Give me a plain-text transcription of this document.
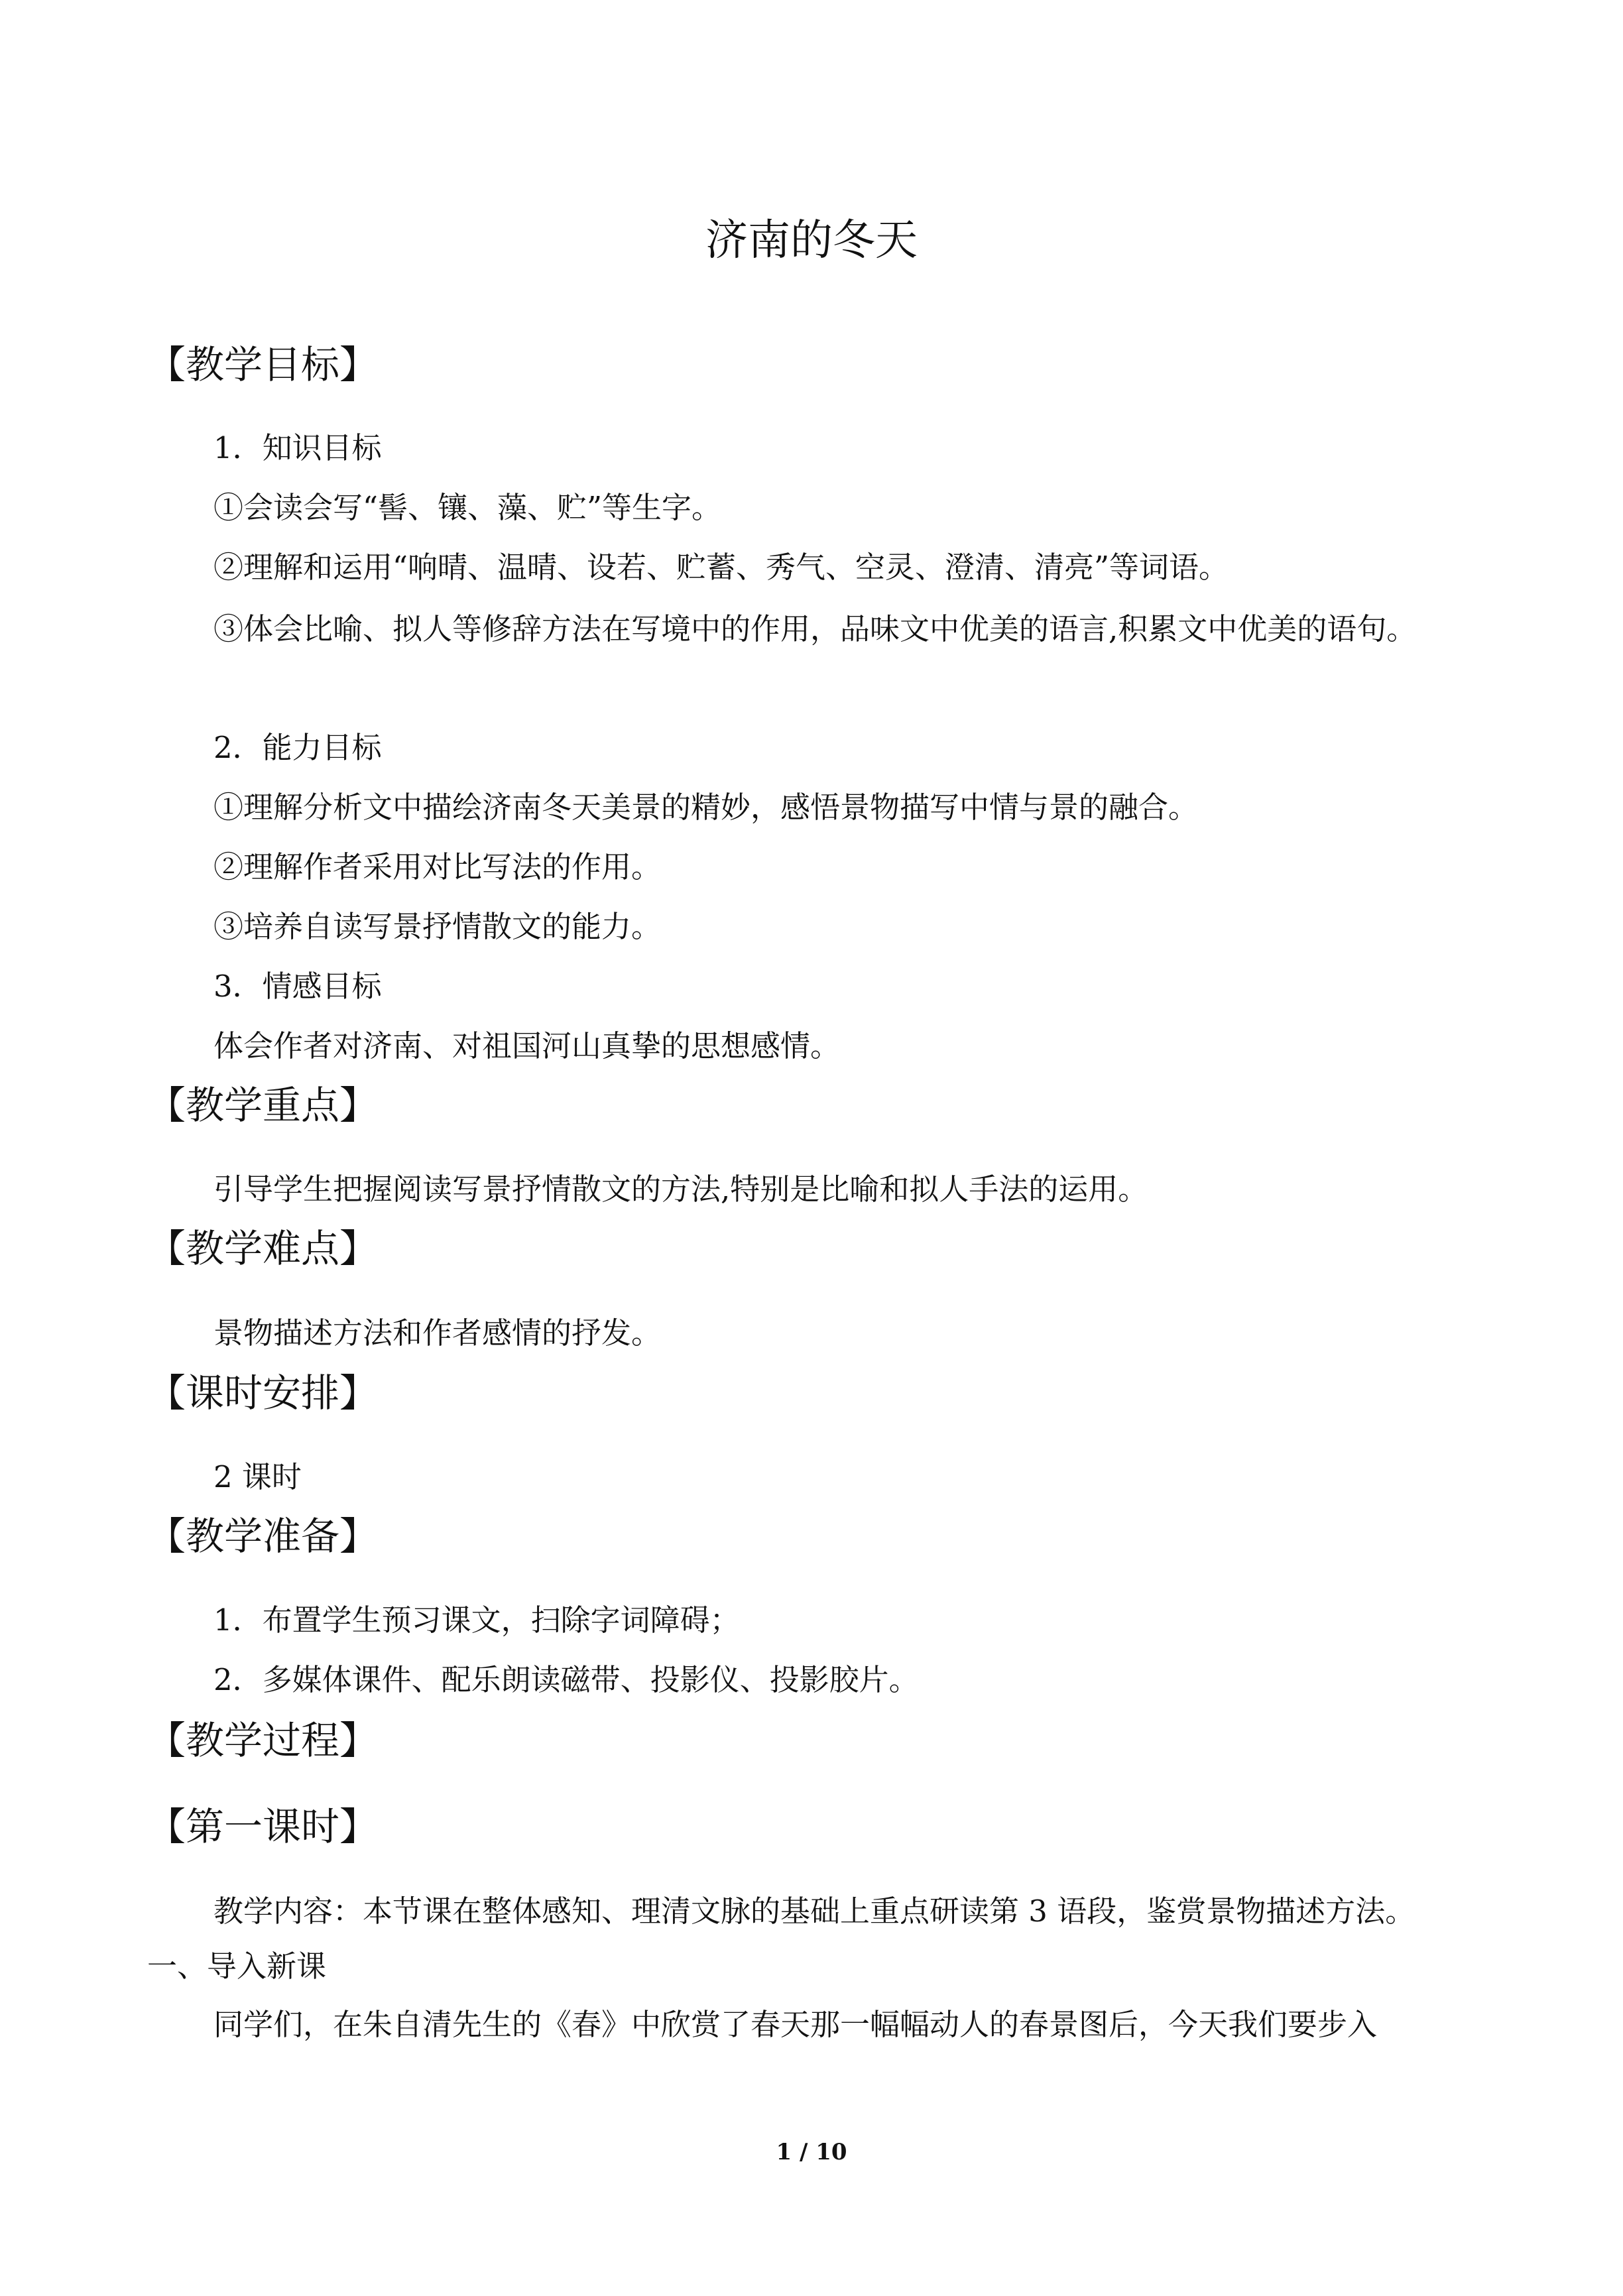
济南的冬天
【教学目标】

1．知识目标

①会读会写“髻、镶、藻、贮”等生字。

②理解和运用“响晴、温晴、设若、贮蓄、秀气、空灵、澄清、清亮”等词语。

③体会比喻、拟人等修辞方法在写境中的作用，品味文中优美的语言,积累文中优美的语句。

2．能力目标

①理解分析文中描绘济南冬天美景的精妙，感悟景物描写中情与景的融合。

②理解作者采用对比写法的作用。

③培养自读写景抒情散文的能力。

3．情感目标

体会作者对济南、对祖国河山真挚的思想感情。

【教学重点】

引导学生把握阅读写景抒情散文的方法,特别是比喻和拟人手法的运用。

【教学难点】

景物描述方法和作者感情的抒发。

【课时安排】

2 课时

【教学准备】

1．布置学生预习课文，扫除字词障碍；

2．多媒体课件、配乐朗读磁带、投影仪、投影胶片。

【教学过程】
【第一课时】

教学内容：本节课在整体感知、理清文脉的基础上重点研读第 3 语段，鉴赏景物描述方法。

一、导入新课

同学们，在朱自清先生的《春》中欣赏了春天那一幅幅动人的春景图后，今天我们要步入

1 / 10
